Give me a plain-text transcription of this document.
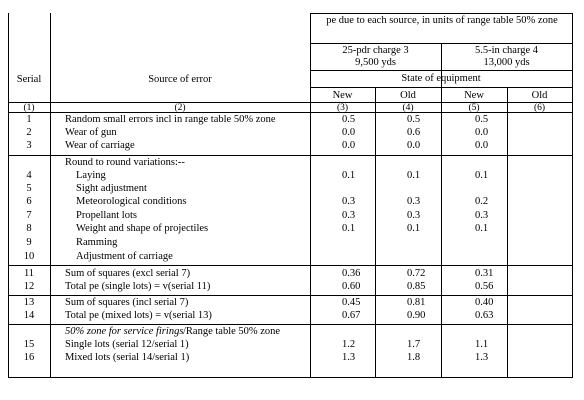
pe due to each source, in units of range table 50% zone
25-pdr charge 3
9,500 yds
5.5-in charge 4
13,000 yds
State of equipment
Serial	Source of error
New	Old	New	Old
(1)	(2)	(3)	(4)	(5)	(6)
1	Random small errors incl in range table 50% zone	0.5	0.5	0.5
2	Wear of gun	0.0	0.6	0.0
3	Wear of carriage	0.0	0.0	0.0
Round to round variations:--
4	Laying	0.1	0.1	0.1
5	Sight adjustment
6	Meteorological conditions	0.3	0.3	0.2
7	Propellant lots	0.3	0.3	0.3
8	Weight and shape of projectiles	0.1	0.1	0.1
9	Ramming
10	Adjustment of carriage
11	Sum of squares (excl serial 7)	0.36	0.72	0.31
12	Total pe (single lots) = v(serial 11)	0.60	0.85	0.56
13	Sum of squares (incl serial 7)	0.45	0.81	0.40
14	Total pe (mixed lots) = v(serial 13)	0.67	0.90	0.63
50% zone for service firings /Range table 50% zone
15	Single lots (serial 12/serial 1)	1.2	1.7	1.1
16	Mixed lots (serial 14/serial 1)	1.3	1.8	1.3
